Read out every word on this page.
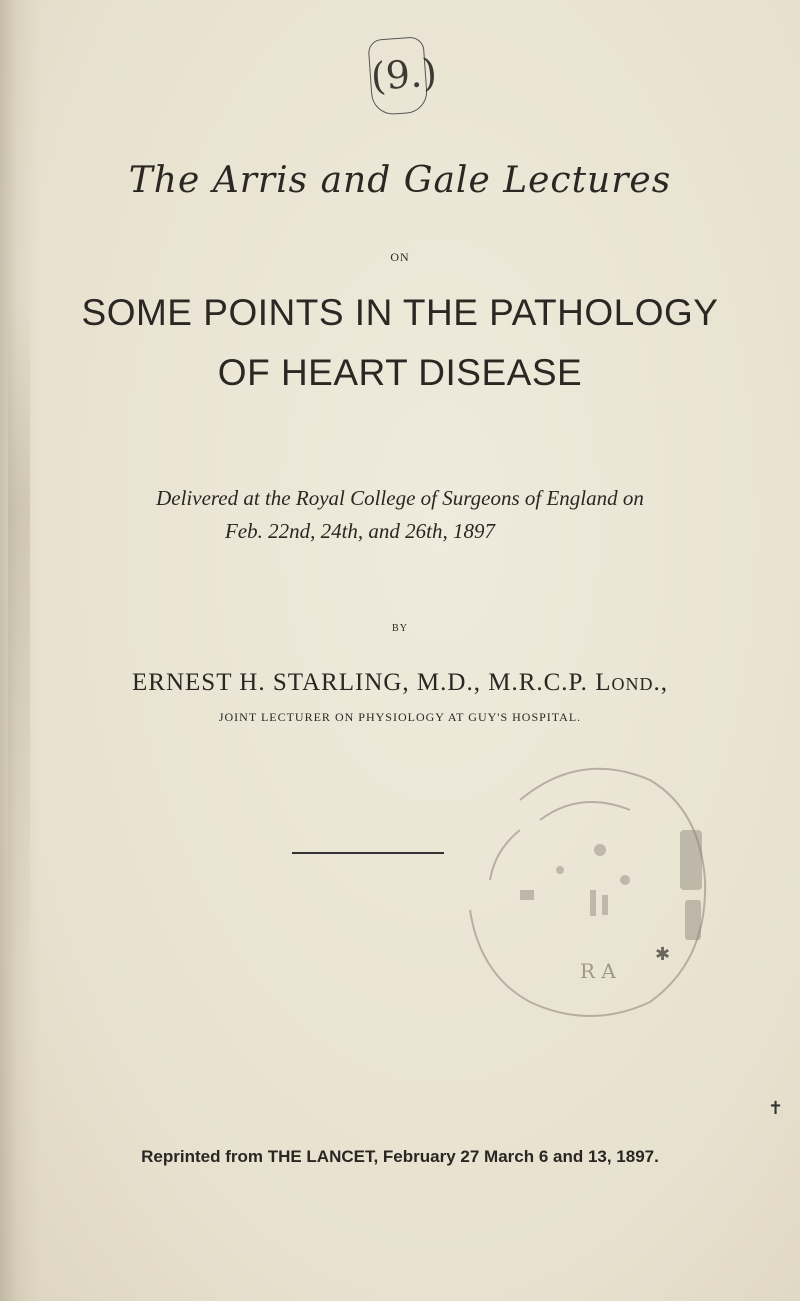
(9.)
The Arris and Gale Lectures
ON
SOME POINTS IN THE PATHOLOGY
OF HEART DISEASE
Delivered at the Royal College of Surgeons of England on
Feb. 22nd, 24th, and 26th, 1897
BY
ERNEST H. STARLING, M.D., M.R.C.P. Lond.,
JOINT LECTURER ON PHYSIOLOGY AT GUY'S HOSPITAL.
R A
✱
✝
Reprinted from THE LANCET, February 27 March 6 and 13, 1897.
